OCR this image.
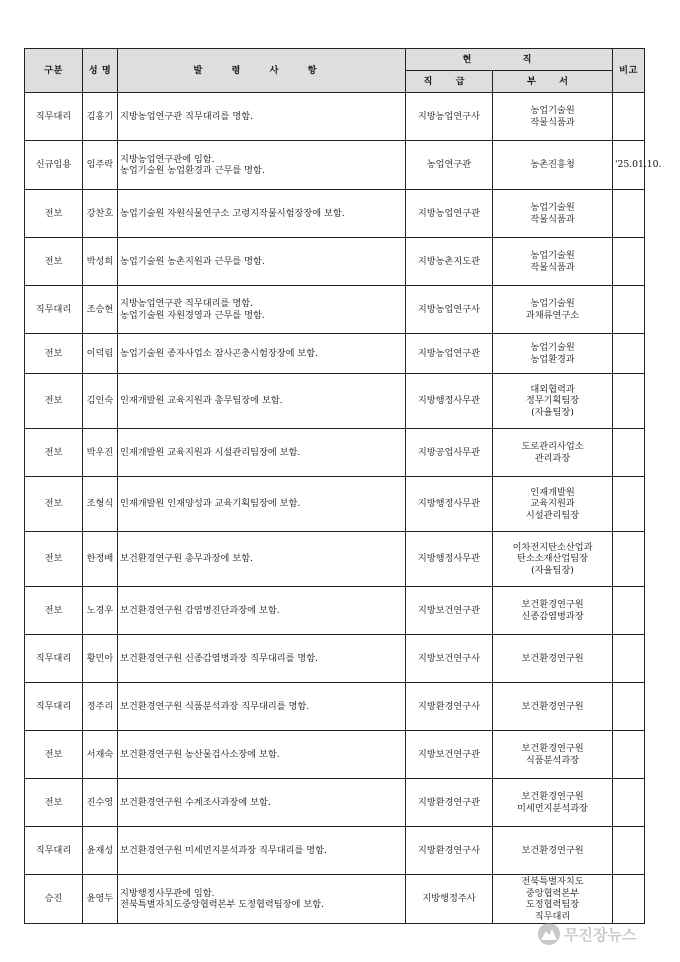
구분	성 명	발 령 사 항	현 직		비고
			직 급	부 서	
직무대리	김홍기	지방농업연구관 직무대리를 명함.	지방농업연구사	농업기술원
작물식품과	

신규임용	임주락	지방농업연구관에 임함.
농업기술원 농업환경과 근무를 명함.	농업연구관	농촌진흥청	'25.01.10.
전보	강찬호	농업기술원 자원식물연구소 고령지작물시험장장에 보함.	지방농업연구관	농업기술원
작물식품과	

전보	박성희	농업기술원 농촌지원과 근무를 명함.	지방농촌지도관	농업기술원
작물식품과	

직무대리	조승현	지방농업연구관 직무대리를 명함.
농업기술원 자원경영과 근무를 명함.	지방농업연구사	농업기술원
과채류연구소	

전보	이덕림	농업기술원 종자사업소 잠사곤충시험장장에 보함.	지방농업연구관	농업기술원
농업환경과	

전보	김인숙	인재개발원 교육지원과 총무팀장에 보함.	지방행정사무관	대외협력과
정무기획팀장
(자율팀장)	

전보	박우진	인재개발원 교육지원과 시설관리팀장에 보함.	지방공업사무관	도로관리사업소
관리과장	

전보	조형식	인재개발원 인재양성과 교육기획팀장에 보함.	지방행정사무관	인재개발원
교육지원과
시설관리팀장	

전보	한정배	보건환경연구원 총무과장에 보함.	지방행정사무관	이차전지탄소산업과
탄소소재산업팀장
(자율팀장)	

전보	노경우	보건환경연구원 감염병진단과장에 보함.	지방보건연구관	보건환경연구원
신종감염병과장	

직무대리	황민아	보건환경연구원 신종감염병과장 직무대리를 명함.	지방보건연구사	보건환경연구원	

직무대리	정주리	보건환경연구원 식품분석과장 직무대리를 명함.	지방환경연구사	보건환경연구원	

전보	서재숙	보건환경연구원 농산물검사소장에 보함.	지방보건연구관	보건환경연구원
식품분석과장	

전보	진수영	보건환경연구원 수계조사과장에 보함.	지방환경연구관	보건환경연구원
미세먼지분석과장	

직무대리	윤재성	보건환경연구원 미세먼지분석과장 직무대리를 명함.	지방환경연구사	보건환경연구원	

승진	윤영두	지방행정사무관에 임함.
전북특별자치도중앙협력본부 도정협력팀장에 보함.	지방행정주사	전북특별자치도
중앙협력본부
도정협력팀장
직무대리	

무진장뉴스
